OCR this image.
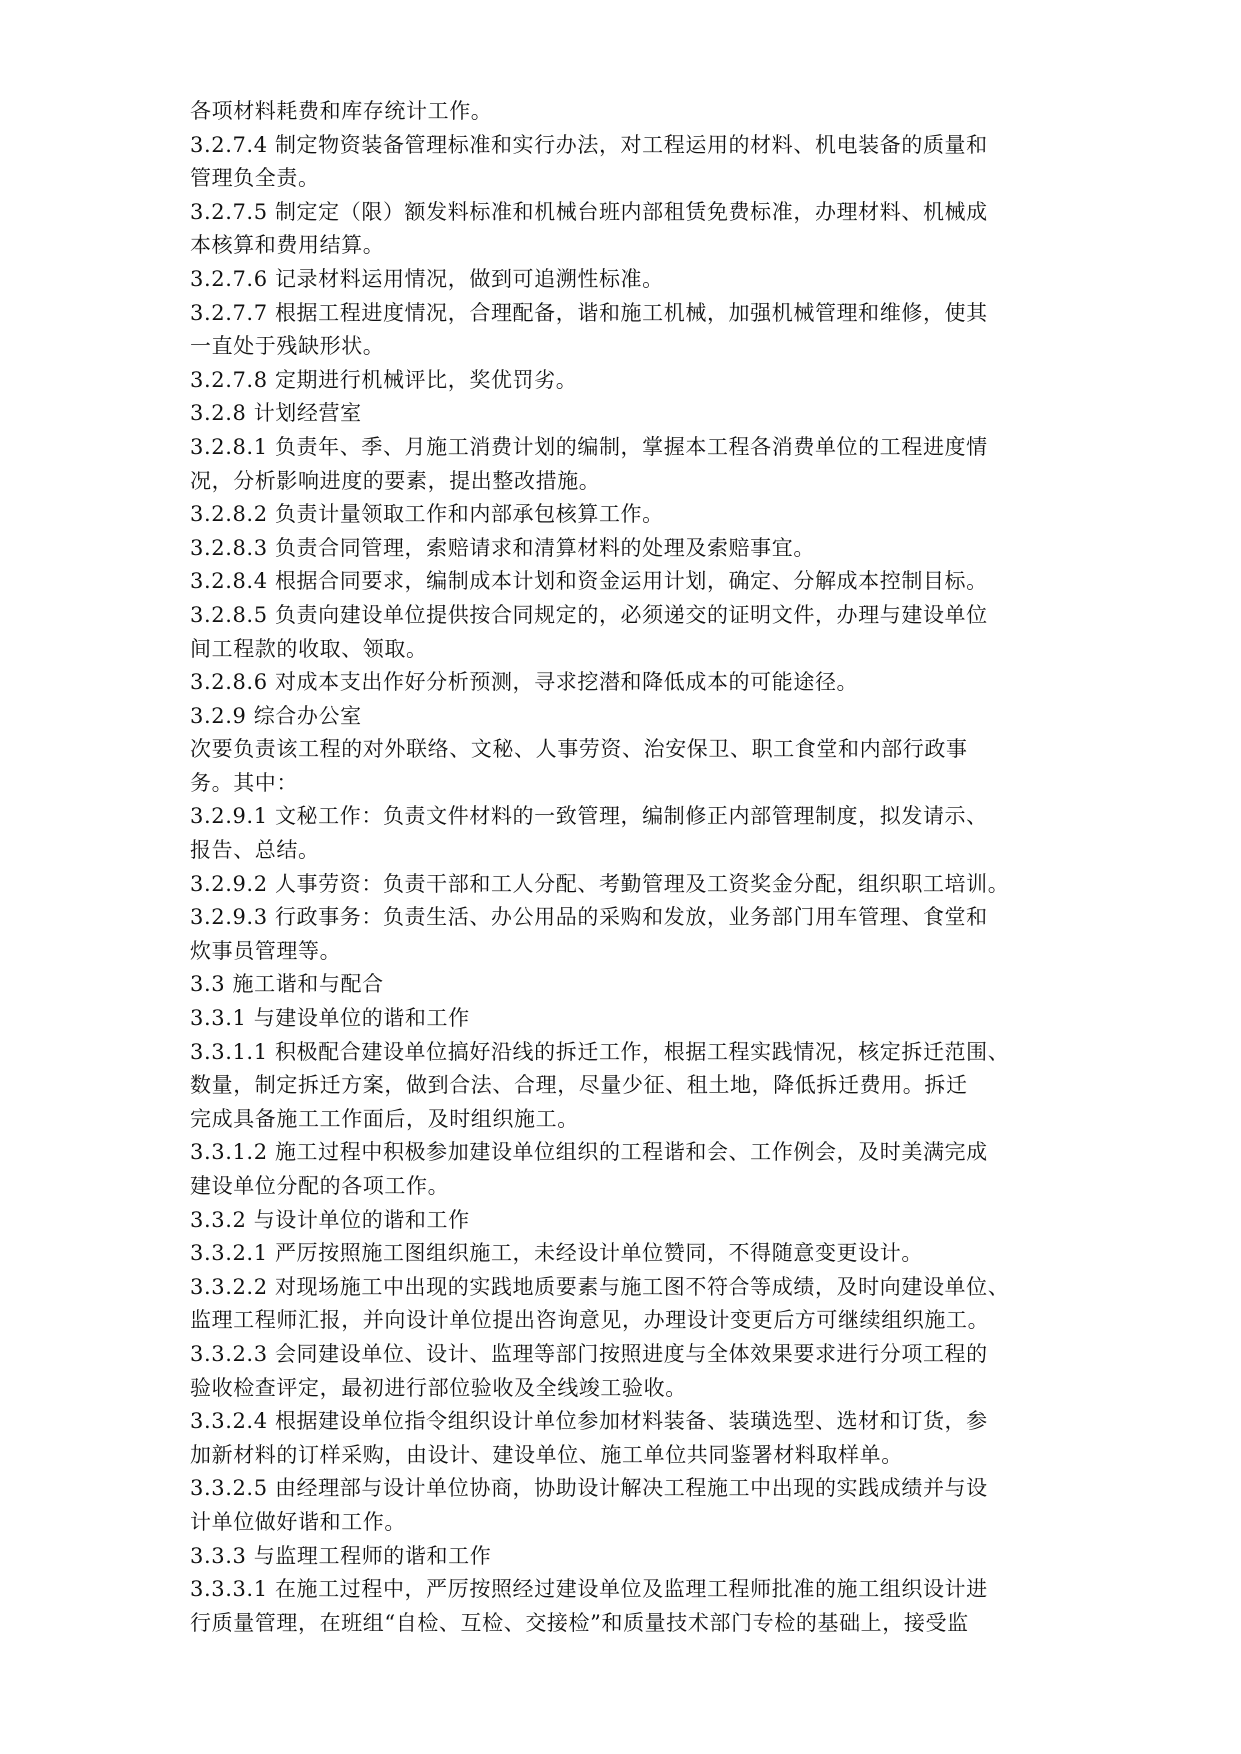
各项材料耗费和库存统计工作。
3.2.7.4 制定物资装备管理标准和实行办法，对工程运用的材料、机电装备的质量和
管理负全责。
3.2.7.5 制定定（限）额发料标准和机械台班内部租赁免费标准，办理材料、机械成
本核算和费用结算。
3.2.7.6 记录材料运用情况，做到可追溯性标准。
3.2.7.7 根据工程进度情况，合理配备，谐和施工机械，加强机械管理和维修，使其
一直处于残缺形状。
3.2.7.8 定期进行机械评比，奖优罚劣。
3.2.8 计划经营室
3.2.8.1 负责年、季、月施工消费计划的编制，掌握本工程各消费单位的工程进度情
况，分析影响进度的要素，提出整改措施。
3.2.8.2 负责计量领取工作和内部承包核算工作。
3.2.8.3 负责合同管理，索赔请求和清算材料的处理及索赔事宜。
3.2.8.4 根据合同要求，编制成本计划和资金运用计划，确定、分解成本控制目标。
3.2.8.5 负责向建设单位提供按合同规定的，必须递交的证明文件，办理与建设单位
间工程款的收取、领取。
3.2.8.6 对成本支出作好分析预测，寻求挖潜和降低成本的可能途径。
3.2.9 综合办公室
次要负责该工程的对外联络、文秘、人事劳资、治安保卫、职工食堂和内部行政事
务。其中：
3.2.9.1 文秘工作：负责文件材料的一致管理，编制修正内部管理制度，拟发请示、
报告、总结。
3.2.9.2 人事劳资：负责干部和工人分配、考勤管理及工资奖金分配，组织职工培训。
3.2.9.3 行政事务：负责生活、办公用品的采购和发放，业务部门用车管理、食堂和
炊事员管理等。
3.3 施工谐和与配合
3.3.1 与建设单位的谐和工作
3.3.1.1 积极配合建设单位搞好沿线的拆迁工作，根据工程实践情况，核定拆迁范围、
数量，制定拆迁方案，做到合法、合理，尽量少征、租土地，降低拆迁费用。拆迁
完成具备施工工作面后，及时组织施工。
3.3.1.2 施工过程中积极参加建设单位组织的工程谐和会、工作例会，及时美满完成
建设单位分配的各项工作。
3.3.2 与设计单位的谐和工作
3.3.2.1 严厉按照施工图组织施工，未经设计单位赞同，不得随意变更设计。
3.3.2.2 对现场施工中出现的实践地质要素与施工图不符合等成绩，及时向建设单位、
监理工程师汇报，并向设计单位提出咨询意见，办理设计变更后方可继续组织施工。
3.3.2.3 会同建设单位、设计、监理等部门按照进度与全体效果要求进行分项工程的
验收检查评定，最初进行部位验收及全线竣工验收。
3.3.2.4 根据建设单位指令组织设计单位参加材料装备、装璜选型、选材和订货，参
加新材料的订样采购，由设计、建设单位、施工单位共同鉴署材料取样单。
3.3.2.5 由经理部与设计单位协商，协助设计解决工程施工中出现的实践成绩并与设
计单位做好谐和工作。
3.3.3 与监理工程师的谐和工作
3.3.3.1 在施工过程中，严厉按照经过建设单位及监理工程师批准的施工组织设计进
行质量管理，在班组“自检、互检、交接检”和质量技术部门专检的基础上，接受监
